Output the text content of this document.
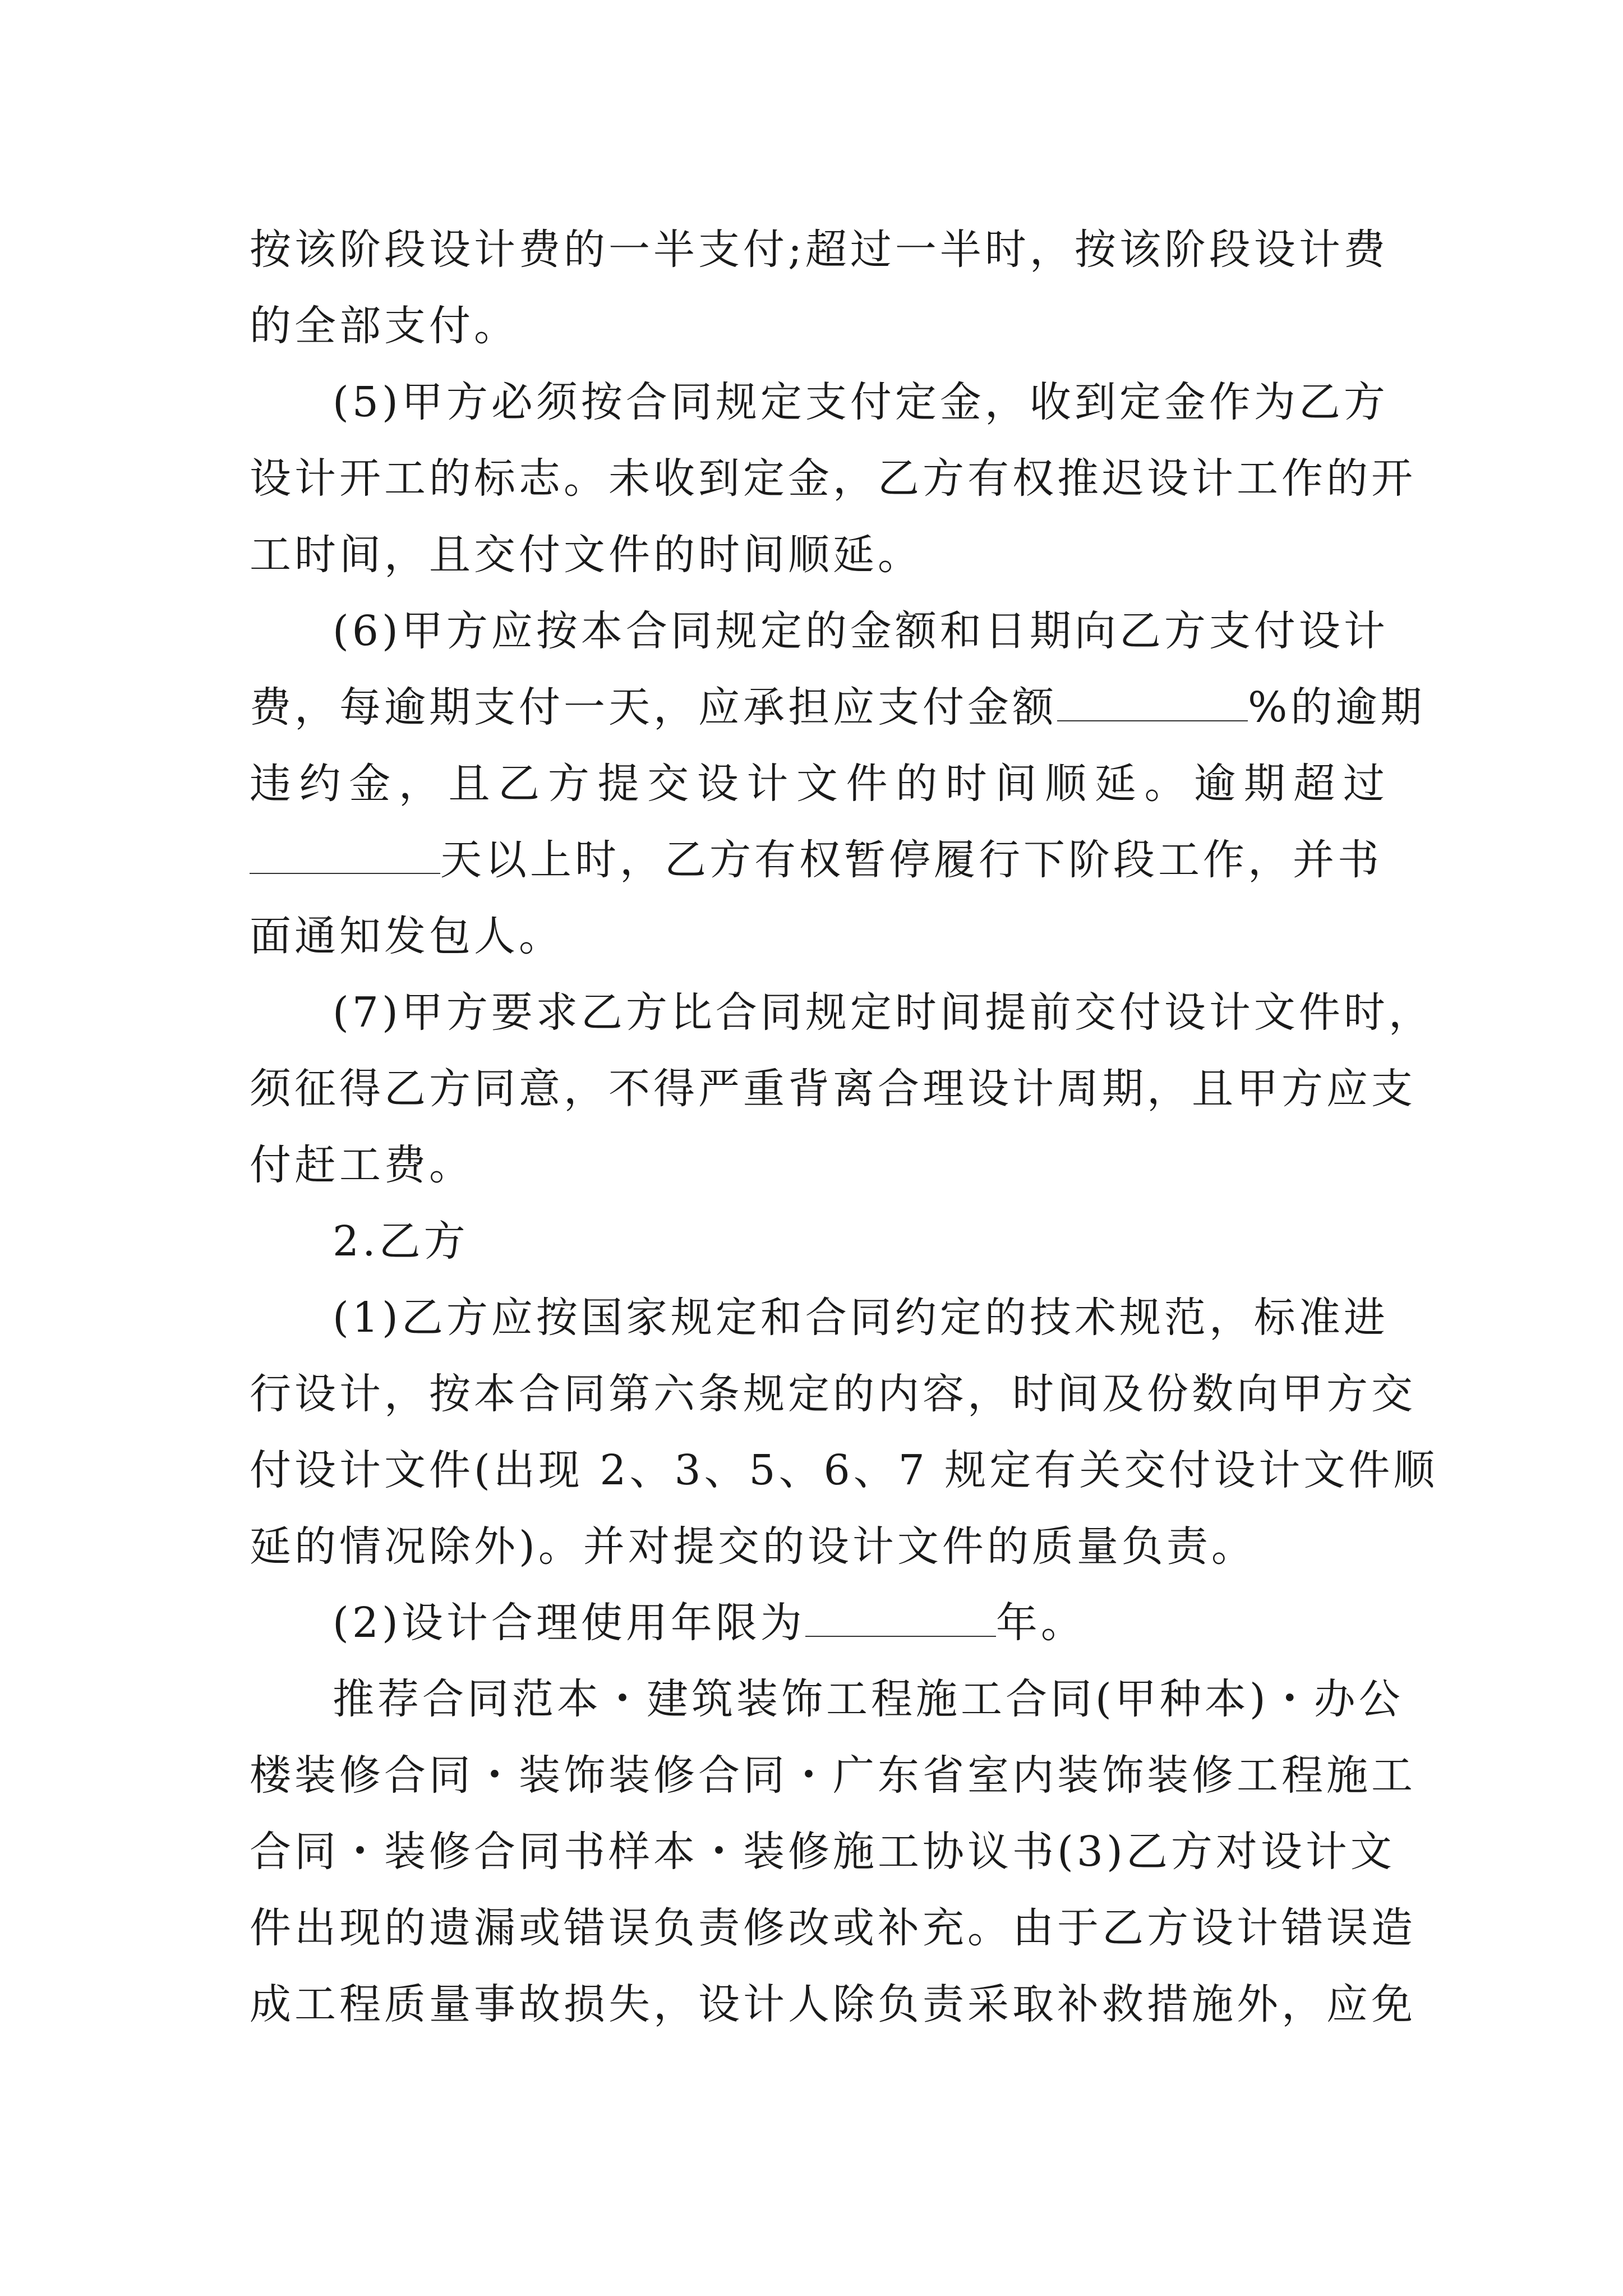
按该阶段设计费的一半支付;超过一半时，按该阶段设计费
的全部支付。
(5)甲方必须按合同规定支付定金，收到定金作为乙方
设计开工的标志。未收到定金，乙方有权推迟设计工作的开
工时间，且交付文件的时间顺延。
(6)甲方应按本合同规定的金额和日期向乙方支付设计
费，每逾期支付一天，应承担应支付金额	%的逾期
违约金，且乙方提交设计文件的时间顺延。逾期超过
天以上时，乙方有权暂停履行下阶段工作，并书
面通知发包人。
(7)甲方要求乙方比合同规定时间提前交付设计文件时，
须征得乙方同意，不得严重背离合理设计周期，且甲方应支
付赶工费。
2.乙方
(1)乙方应按国家规定和合同约定的技术规范，标准进
行设计，按本合同第六条规定的内容，时间及份数向甲方交
付设计文件(出现 2、3、5、6、7 规定有关交付设计文件顺
延的情况除外)。并对提交的设计文件的质量负责。
(2)设计合理使用年限为	年。
推荐合同范本・建筑装饰工程施工合同(甲种本)・办公
楼装修合同・装饰装修合同・广东省室内装饰装修工程施工
合同・装修合同书样本・装修施工协议书(3)乙方对设计文
件出现的遗漏或错误负责修改或补充。由于乙方设计错误造
成工程质量事故损失，设计人除负责采取补救措施外，应免
